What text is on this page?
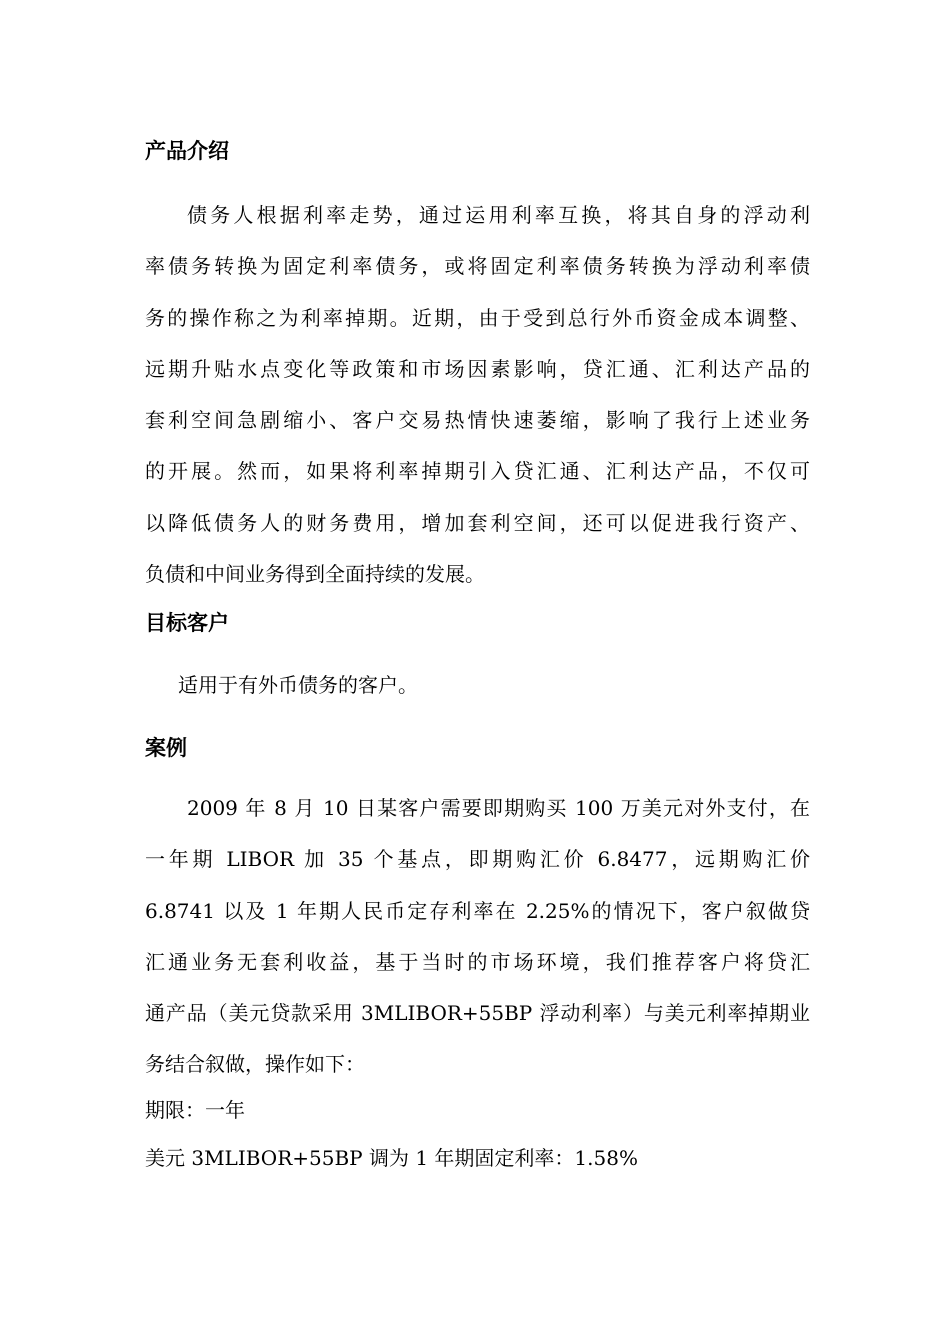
产品介绍
债务人根据利率走势，通过运用利率互换，将其自身的浮动利
率债务转换为固定利率债务，或将固定利率债务转换为浮动利率债
务的操作称之为利率掉期。近期，由于受到总行外币资金成本调整、
远期升贴水点变化等政策和市场因素影响，贷汇通、汇利达产品的
套利空间急剧缩小、客户交易热情快速萎缩，影响了我行上述业务
的开展。然而，如果将利率掉期引入贷汇通、汇利达产品，不仅可
以降低债务人的财务费用，增加套利空间，还可以促进我行资产、
负债和中间业务得到全面持续的发展。
目标客户
适用于有外币债务的客户。
案例
2009 年 8 月 10 日某客户需要即期购买 100 万美元对外支付，在
一年期 LIBOR 加 35 个基点，即期购汇价 6.8477，远期购汇价
6.8741 以及 1 年期人民币定存利率在 2.25%的情况下，客户叙做贷
汇通业务无套利收益，基于当时的市场环境，我们推荐客户将贷汇
通产品（美元贷款采用 3MLIBOR+55BP 浮动利率）与美元利率掉期业
务结合叙做，操作如下：

期限：一年

美元 3MLIBOR+55BP 调为 1 年期固定利率：1.58%
